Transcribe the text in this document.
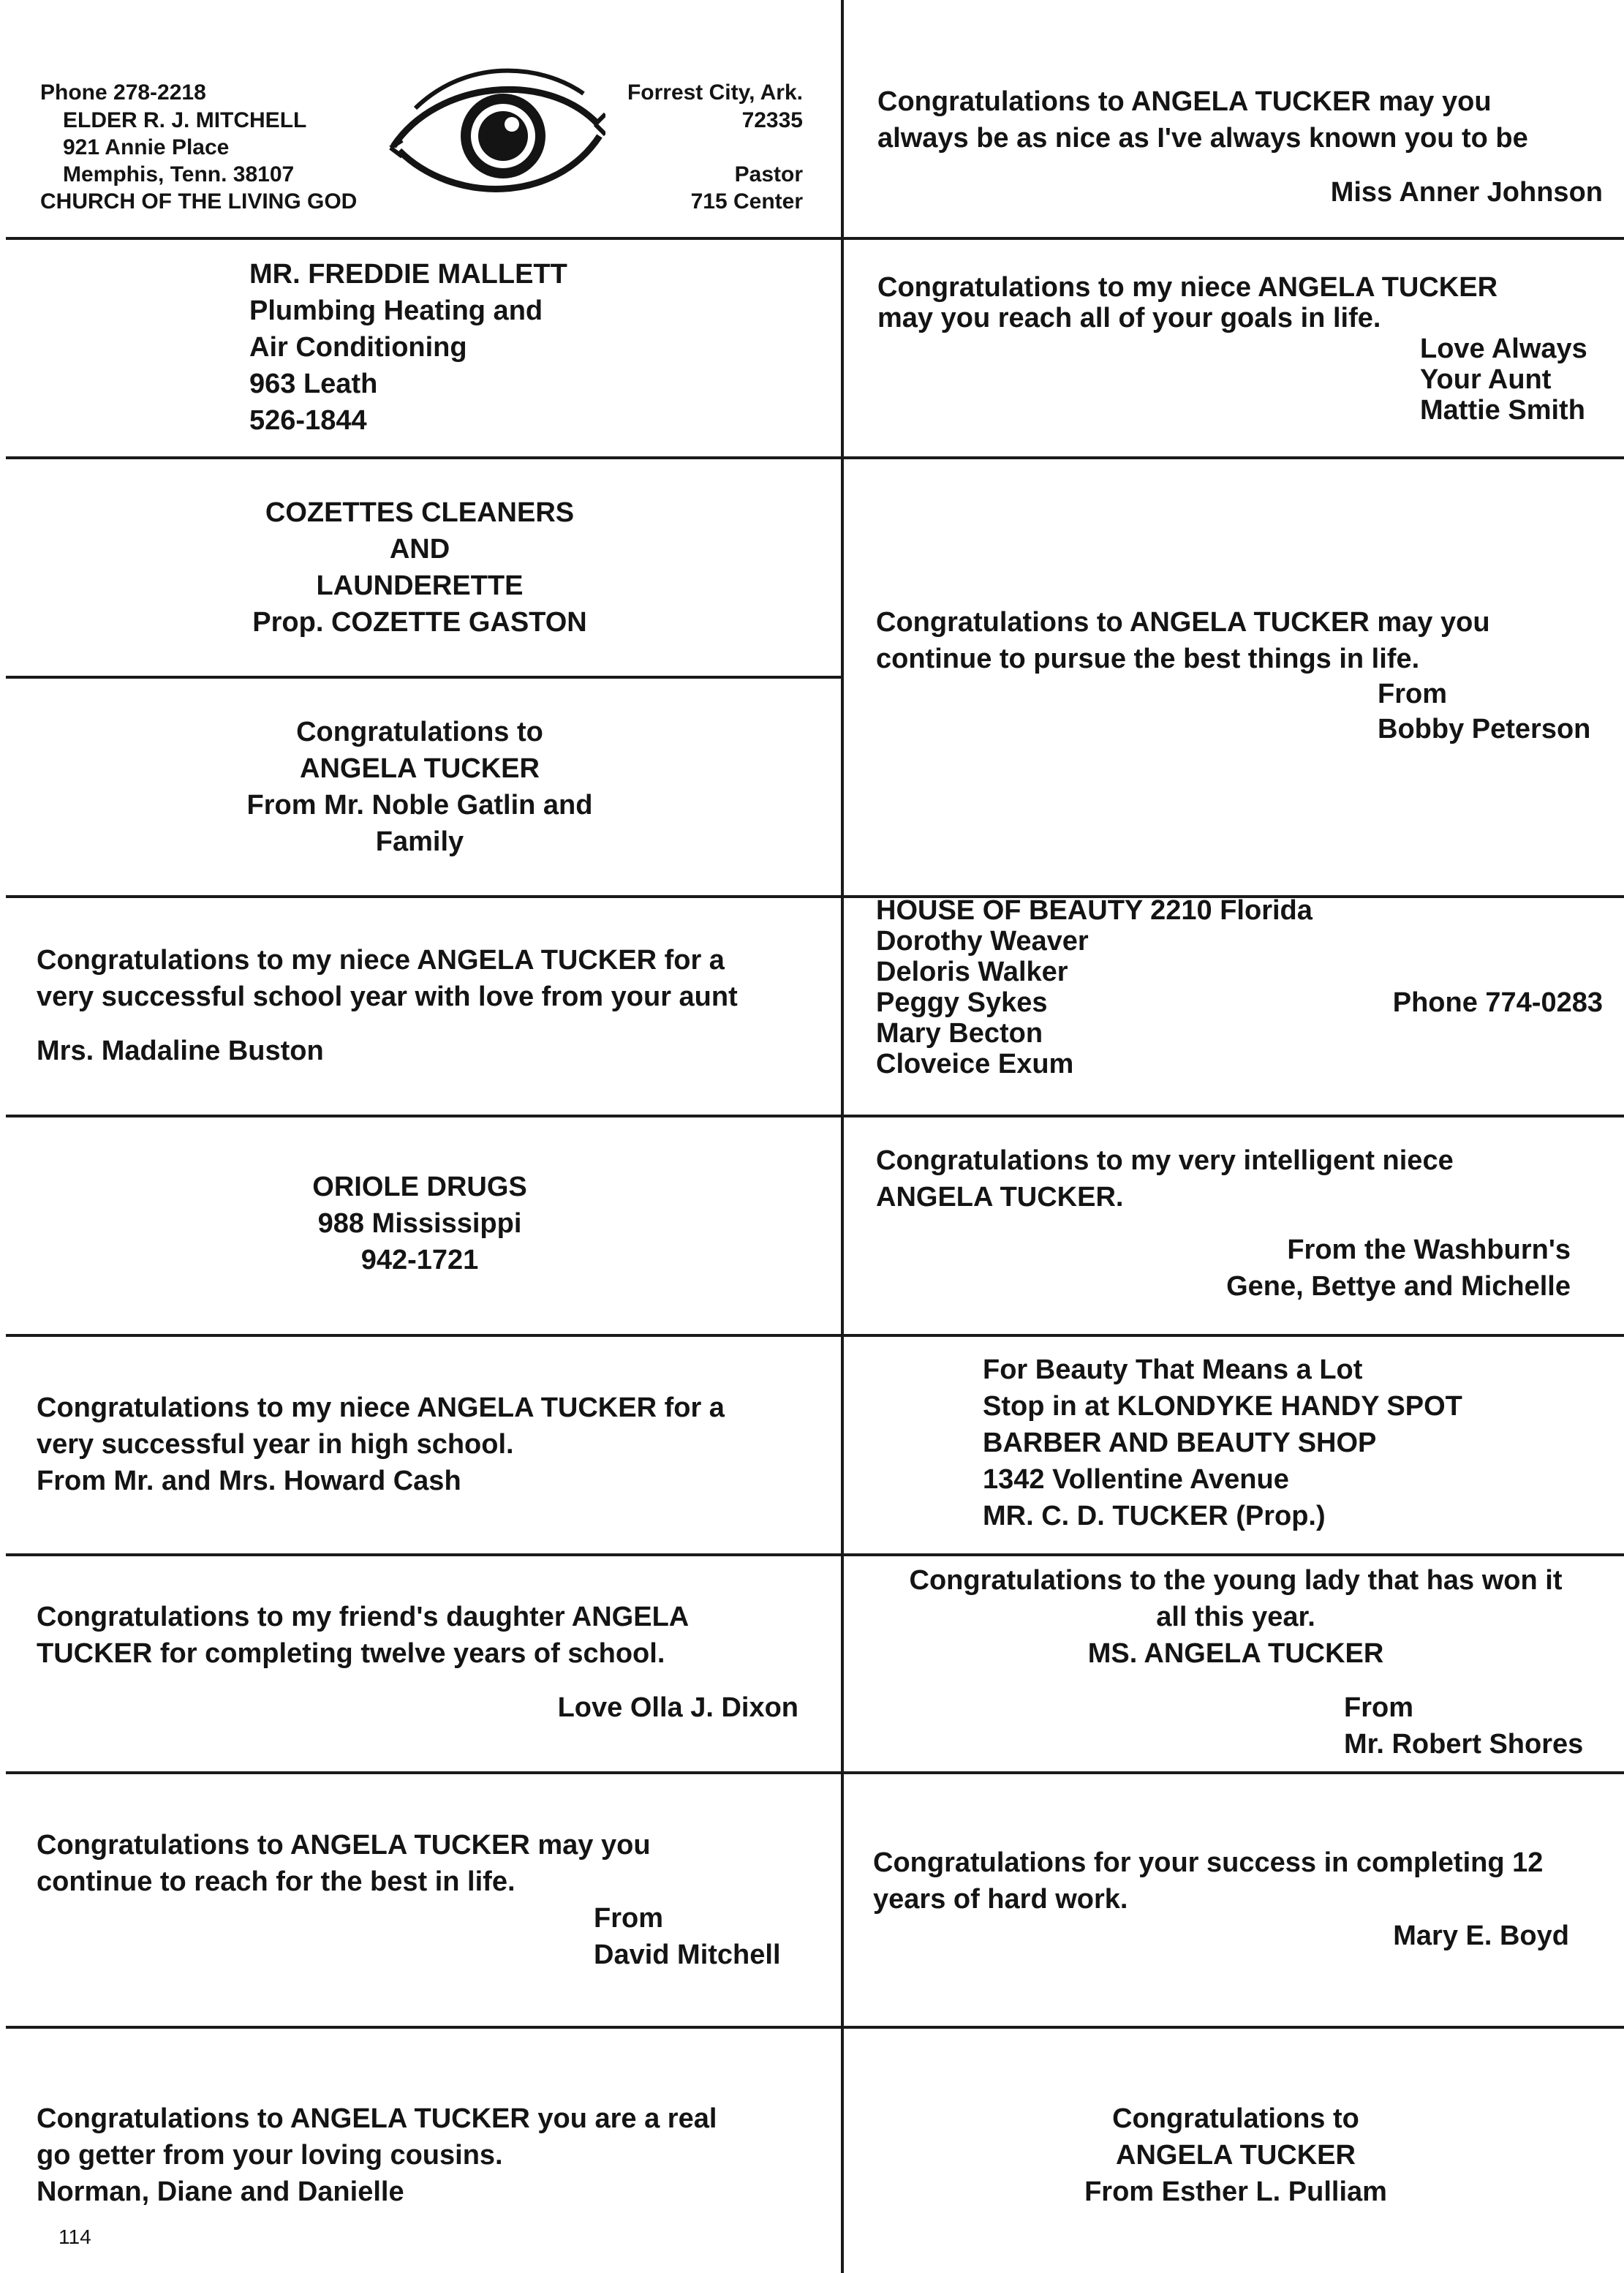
Phone 278-2218
ELDER R. J. MITCHELL
921 Annie Place
Memphis, Tenn. 38107
CHURCH OF THE LIVING GOD
Forrest City, Ark.
72335
Pastor
715 Center
Congratulations to ANGELA TUCKER may you
always be as nice as I've always known you to be
Miss Anner Johnson
MR. FREDDIE MALLETT
Plumbing Heating and
Air Conditioning
963 Leath
526-1844
Congratulations to my niece ANGELA TUCKER
may you reach all of your goals in life.
Love Always
Your Aunt
Mattie Smith
COZETTES CLEANERS
AND
LAUNDERETTE
Prop. COZETTE GASTON	Congratulations to ANGELA TUCKER may you
continue to pursue the best things in life.
From
Bobby Peterson
Congratulations to
ANGELA TUCKER
From Mr. Noble Gatlin and
Family
Congratulations to my niece ANGELA TUCKER for a
very successful school year with love from your aunt
Mrs. Madaline Buston
HOUSE OF BEAUTY 2210 Florida
Dorothy Weaver
Deloris Walker
Peggy Sykes
Mary Becton
Cloveice Exum
Phone 774-0283
ORIOLE DRUGS
988 Mississippi
942-1721
Congratulations to my very intelligent niece
ANGELA TUCKER.
From the Washburn's
Gene, Bettye and Michelle
Congratulations to my niece ANGELA TUCKER for a
very successful year in high school.
From Mr. and Mrs. Howard Cash
For Beauty That Means a Lot
Stop in at KLONDYKE HANDY SPOT
BARBER AND BEAUTY SHOP
1342 Vollentine Avenue
MR. C. D. TUCKER (Prop.)
Congratulations to my friend's daughter ANGELA
TUCKER for completing twelve years of school.
Love Olla J. Dixon
Congratulations to the young lady that has won it
all this year.
MS. ANGELA TUCKER
From
Mr. Robert Shores
Congratulations to ANGELA TUCKER may you
continue to reach for the best in life.
From
David Mitchell
Congratulations for your success in completing 12
years of hard work.
Mary E. Boyd
Congratulations to ANGELA TUCKER you are a real
go getter from your loving cousins.
Norman, Diane and Danielle
Congratulations to
ANGELA TUCKER
From Esther L. Pulliam
114
